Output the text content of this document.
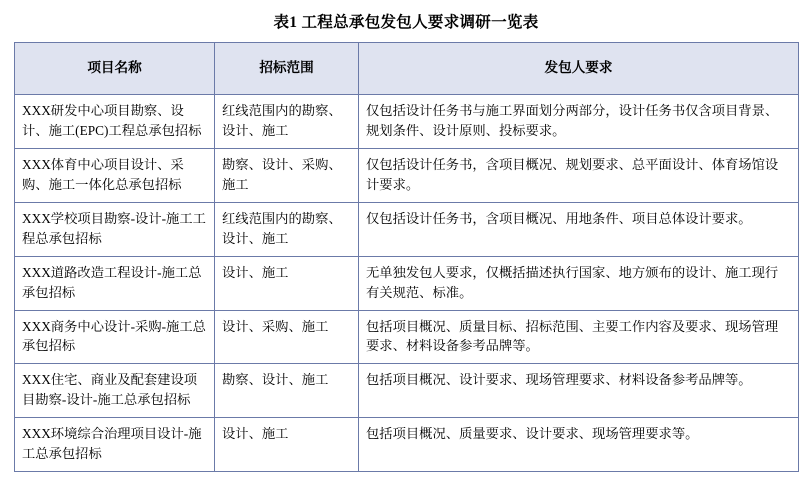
表1 工程总承包发包人要求调研一览表
项目名称	招标范围	发包人要求
XXX研发中心项目勘察、设计、施工(EPC)工程总承包招标	红线范围内的勘察、设计、施工	仅包括设计任务书与施工界面划分两部分，设计任务书仅含项目背景、规划条件、设计原则、投标要求。
XXX体育中心项目设计、采购、施工一体化总承包招标	勘察、设计、采购、施工	仅包括设计任务书，含项目概况、规划要求、总平面设计、体育场馆设计要求。
XXX学校项目勘察-设计-施工工程总承包招标	红线范围内的勘察、设计、施工	仅包括设计任务书，含项目概况、用地条件、项目总体设计要求。
XXX道路改造工程设计-施工总承包招标	设计、施工	无单独发包人要求，仅概括描述执行国家、地方颁布的设计、施工现行有关规范、标准。
XXX商务中心设计-采购-施工总承包招标	设计、采购、施工	包括项目概况、质量目标、招标范围、主要工作内容及要求、现场管理要求、材料设备参考品牌等。
XXX住宅、商业及配套建设项目勘察-设计-施工总承包招标	勘察、设计、施工	包括项目概况、设计要求、现场管理要求、材料设备参考品牌等。
XXX环境综合治理项目设计-施工总承包招标	设计、施工	包括项目概况、质量要求、设计要求、现场管理要求等。
